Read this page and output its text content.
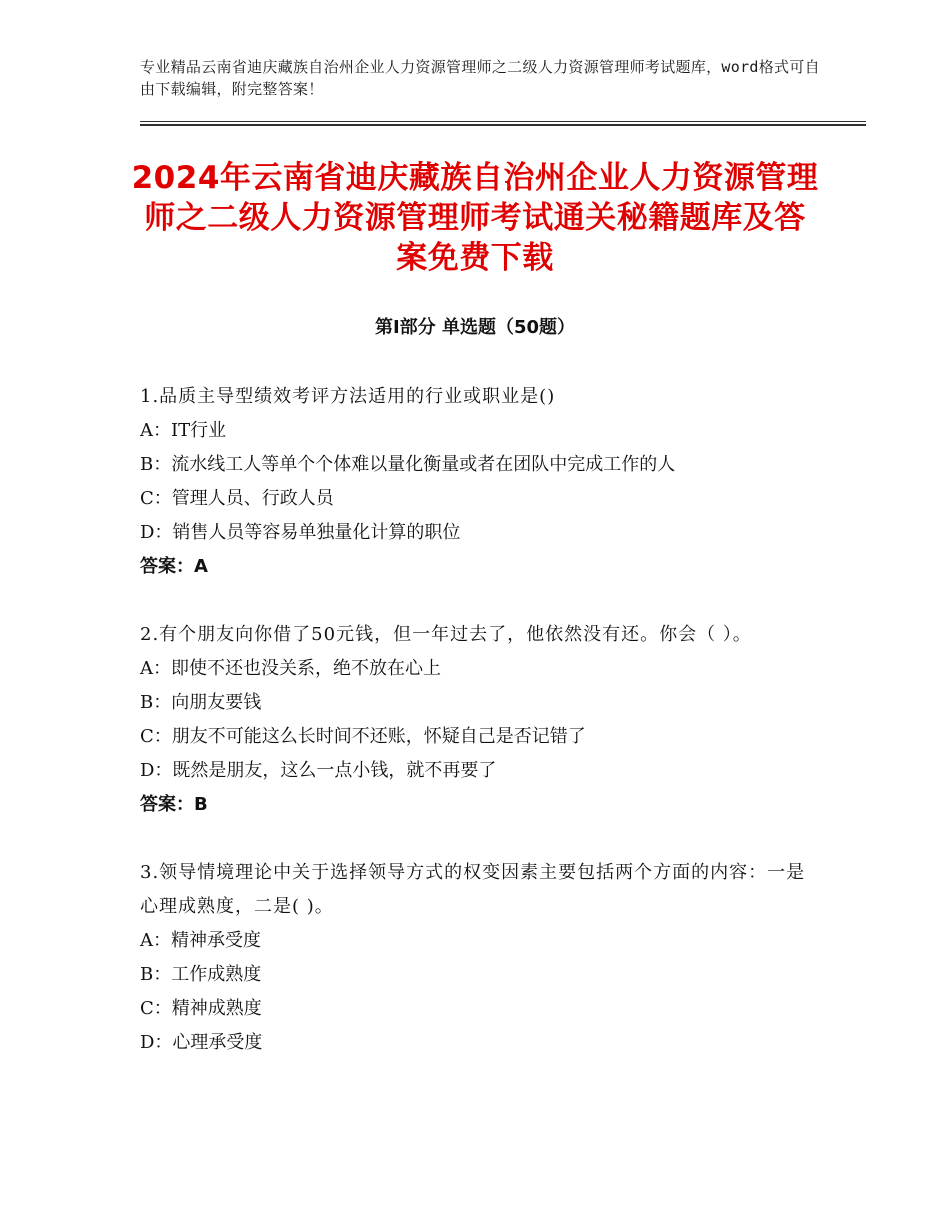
专业精品云南省迪庆藏族自治州企业人力资源管理师之二级人力资源管理师考试题库，word格式可自由下载编辑，附完整答案！
2024年云南省迪庆藏族自治州企业人力资源管理师之二级人力资源管理师考试通关秘籍题库及答案免费下载
第Ⅰ部分 单选题（50题）
1.品质主导型绩效考评方法适用的行业或职业是()
A：IT行业
B：流水线工人等单个个体难以量化衡量或者在团队中完成工作的人
C：管理人员、行政人员
D：销售人员等容易单独量化计算的职位
答案：A
2.有个朋友向你借了50元钱，但一年过去了，他依然没有还。你会（ ）。
A：即使不还也没关系，绝不放在心上
B：向朋友要钱
C：朋友不可能这么长时间不还账，怀疑自己是否记错了
D：既然是朋友，这么一点小钱，就不再要了
答案：B
3.领导情境理论中关于选择领导方式的权变因素主要包括两个方面的内容：一是心理成熟度，二是( )。
A：精神承受度
B：工作成熟度
C：精神成熟度
D：心理承受度
